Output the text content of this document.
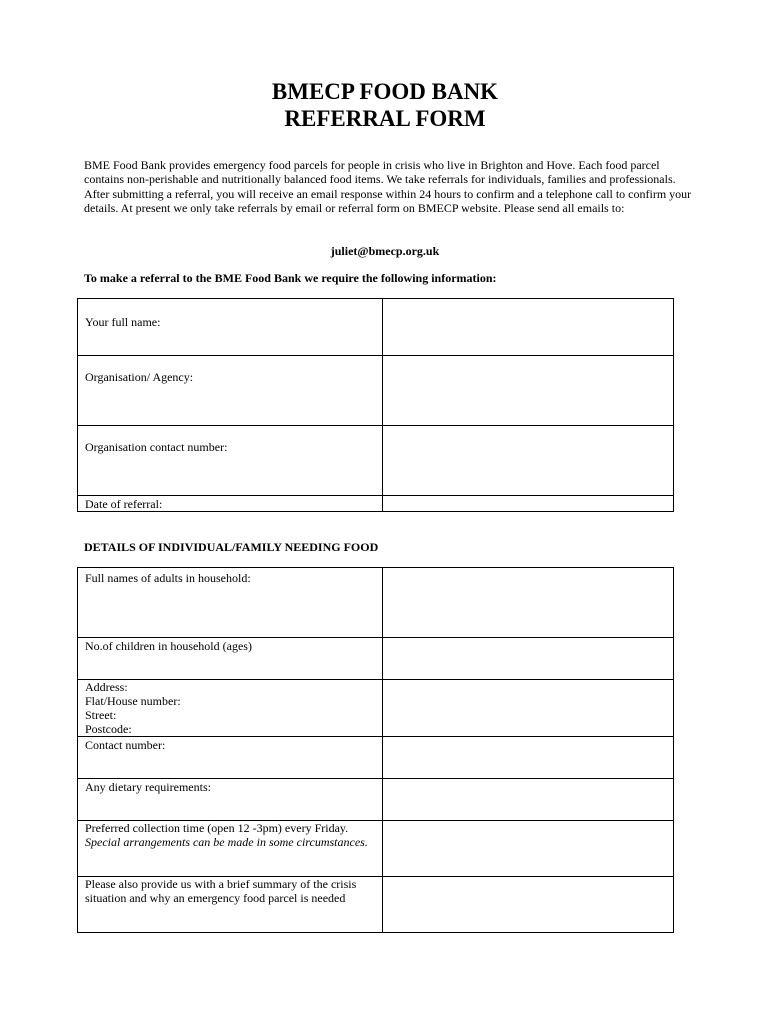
BMECP FOOD BANK
REFERRAL FORM
BME Food Bank provides emergency food parcels for people in crisis who live in Brighton and Hove. Each food parcel contains non-perishable and nutritionally balanced food items. We take referrals for individuals, families and professionals. After submitting a referral, you will receive an email response within 24 hours to confirm and a telephone call to confirm your details. At present we only take referrals by email or referral form on BMECP website. Please send all emails to:
juliet@bmecp.org.uk
To make a referral to the BME Food Bank we require the following information:
Your full name:	
Organisation/ Agency:	
Organisation contact number:	
Date of referral:	
DETAILS OF INDIVIDUAL/FAMILY NEEDING FOOD
Full names of adults in household:	
No.of children in household (ages)	

Address:
Flat/House number:
Street:
Postcode:	

Contact number:	
Any dietary requirements:	

Preferred collection time (open 12 -3pm) every Friday.
Special arrangements can be made in some circumstances.	

Please also provide us with a brief summary of the crisis situation and why an emergency food parcel is needed	
